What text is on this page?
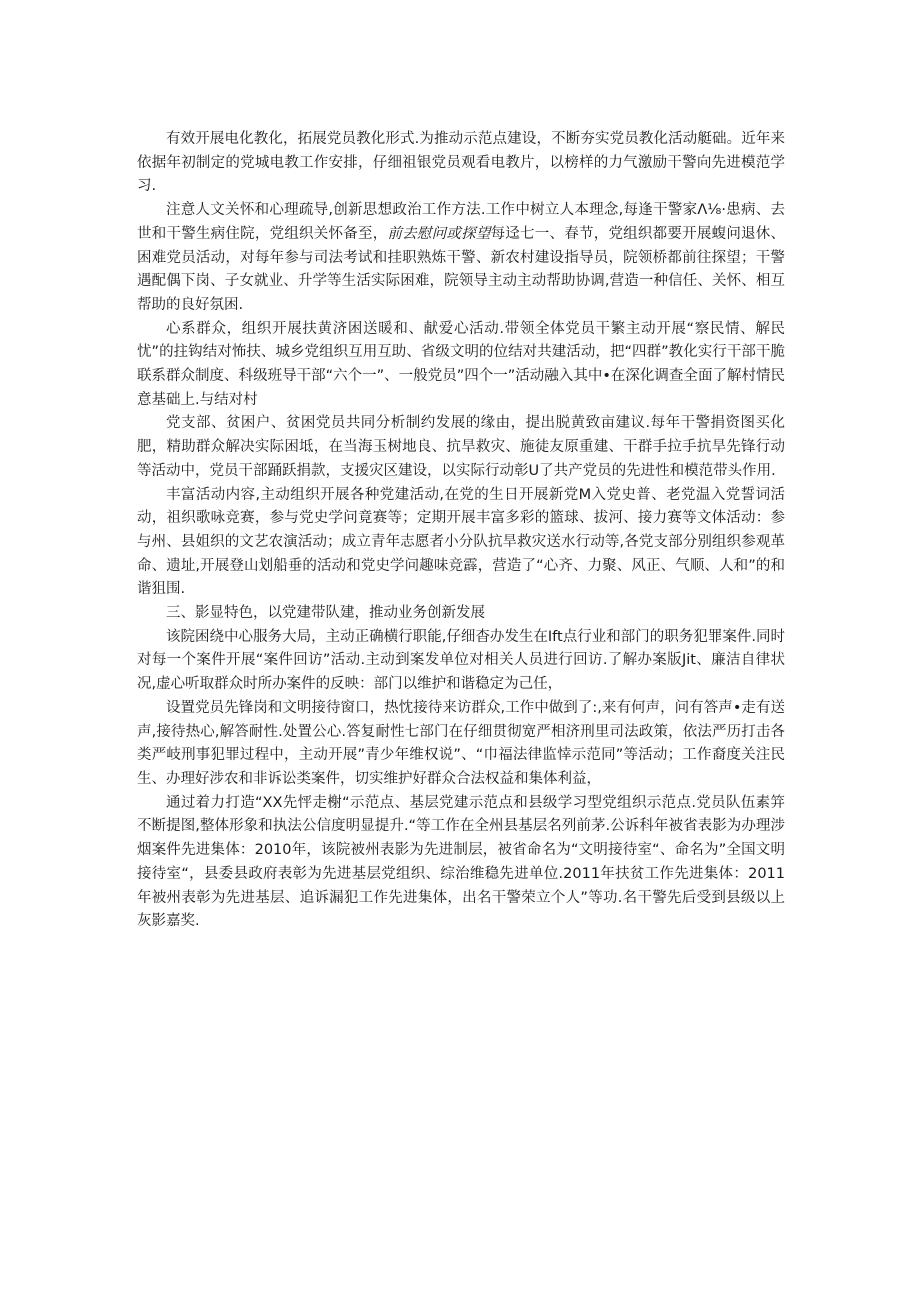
有效开展电化教化，拓展党员教化形式.为推动示范点建设，不断夯实党员教化活动艇础。近年来依据年初制定的党城电教工作安排，仔细祖银党员观看电教片，以榜样的力气激励干警向先进模范学习.

注意人文关怀和心理疏导,创新思想政治工作方法.工作中树立人本理念,每逢干警家Λ⅛·患病、去世和干警生病住院，党组织关怀备至，前去慰问或探望每迳七一、春节，党组织都要开展蝮问退休、困难党员活动，对每年参与司法考试和挂职熟炼干警、新农村建设指导员，院领桥都前往探望；干警遇配偶下岗、子女就业、升学等生活实际困难，院领导主动主动帮助协调,营造一种信任、关怀、相互帮助的良好氛困.

心系群众，组织开展扶黄济困送暖和、献爱心活动.带领全体党员干繁主动开展“察民情、解民忧”的拄钩结对怖扶、城乡党组织互用互助、省级文明的位结对共建活动，把“四群”教化实行干部干脆联系群众制度、科级班导干部“六个一”、一般党员”四个一”活动融入其中•在深化调查全面了解村情民意基础上.与结对村

党支部、贫困户、贫困党员共同分析制约发展的缘由，提出脱黄致亩建议.每年干警捐资图买化肥，精助群众解决实际困坻，在当海玉树地良、抗旱救灾、施徒友原重建、干群手拉手抗旱先锋行动等活动中，党员干部踊跃捐款，支援灾区建设，以实际行动彰U了共产党员的先进性和模范带头作用.

丰富活动内容,主动组织开展各种党建活动,在党的生日开展新党M入党史普、老党温入党誓词活动，祖织歌咏竞赛，参与党史学问竟赛等；定期开展丰富多彩的篮球、拔河、接力赛等文体活动：参与州、县姐织的文艺农演活动；成立青年志愿者小分队抗旱救灾送水行动等,各党支部分别组织参观革命、遗址,开展登山划船垂的活动和党史学问趣味竞霹，营造了“心齐、力聚、风正、气顺、人和”的和谐狙围.

三、影显特色，以党建带队建，推动业务创新发展

该院困绕中心服务大局，主动正确横行职能,仔细杳办发生在Ift点行业和部门的职务犯罪案件.同时对每一个案件开展“案件回访”活动.主动到案发单位对相关人员进行回访.了解办案版Jit、廉洁自律状况,虚心听取群众时所办案件的反映：部门以维护和谐稳定为己任，

设置党员先锋岗和文明接待窗口，热忱接待来访群众,工作中做到了:,来有何声，问有答声•走有送声,接待热心,解答耐性.处置公心.答复耐性七部门在仔细贯彻宽严相济刑里司法政策，依法严历打击各类严岐刑事犯罪过程中，主动开展”青少年维权说”、“巾福法律监悻示范同”等活动；工作裔度关注民生、办理好涉农和非诉讼类案件，切实维护好群众合法权益和集体利益，

通过着力打造“XX先怦走榭“示范点、基层党建示范点和县级学习型党组织示范点.党员队伍素笄不断提图,整体形象和执法公信度明显提升.“等工作在全州县基层名列前茅.公诉科年被省表影为办理涉烟案件先进集体：2010年，该院被州表影为先进制层，被省命名为“文明接待室“、命名为”全国文明接待室“，县委县政府表彰为先进基层党组织、综治维稳先进单位.2011年扶贫工作先进集体：2011年被州表彰为先进基层、追诉漏犯工作先进集体，出名干警荣立个人”等功.名干警先后受到县级以上灰影嘉奖.
